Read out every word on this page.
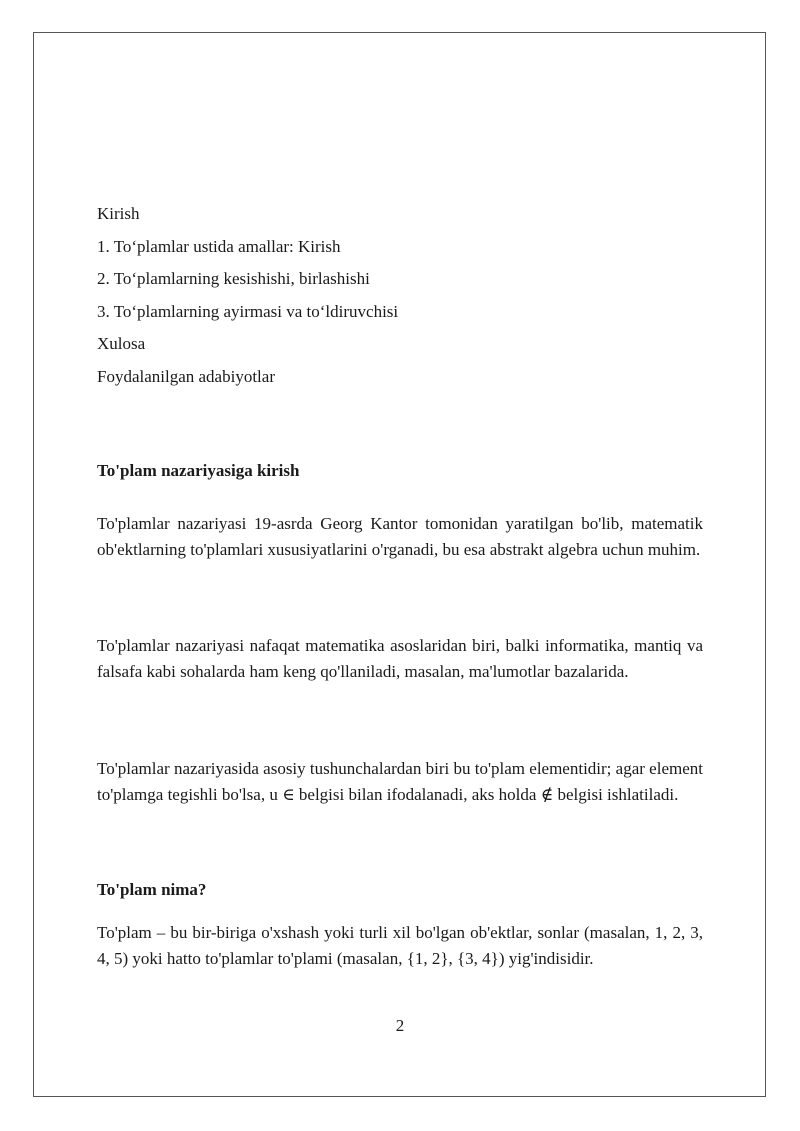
Kirish
1. To‘plamlar ustida amallar: Kirish
2. To‘plamlarning kesishishi, birlashishi
3. To‘plamlarning ayirmasi va to‘ldiruvchisi
Xulosa
Foydalanilgan adabiyotlar
To'plam nazariyasiga kirish

To'plamlar nazariyasi 19-asrda Georg Kantor tomonidan yaratilgan bo'lib, matematik ob'ektlarning to'plamlari xususiyatlarini o'rganadi, bu esa abstrakt algebra uchun muhim.

To'plamlar nazariyasi nafaqat matematika asoslaridan biri, balki informatika, mantiq va falsafa kabi sohalarda ham keng qo'llaniladi, masalan, ma'lumotlar bazalarida.

To'plamlar nazariyasida asosiy tushunchalardan biri bu to'plam elementidir; agar element to'plamga tegishli bo'lsa, u ∈ belgisi bilan ifodalanadi, aks holda ∉ belgisi ishlatiladi.

To'plam nima?

To'plam – bu bir-biriga o'xshash yoki turli xil bo'lgan ob'ektlar, sonlar (masalan, 1, 2, 3, 4, 5) yoki hatto to'plamlar to'plami (masalan, {1, 2}, {3, 4}) yig'indisidir.

2
